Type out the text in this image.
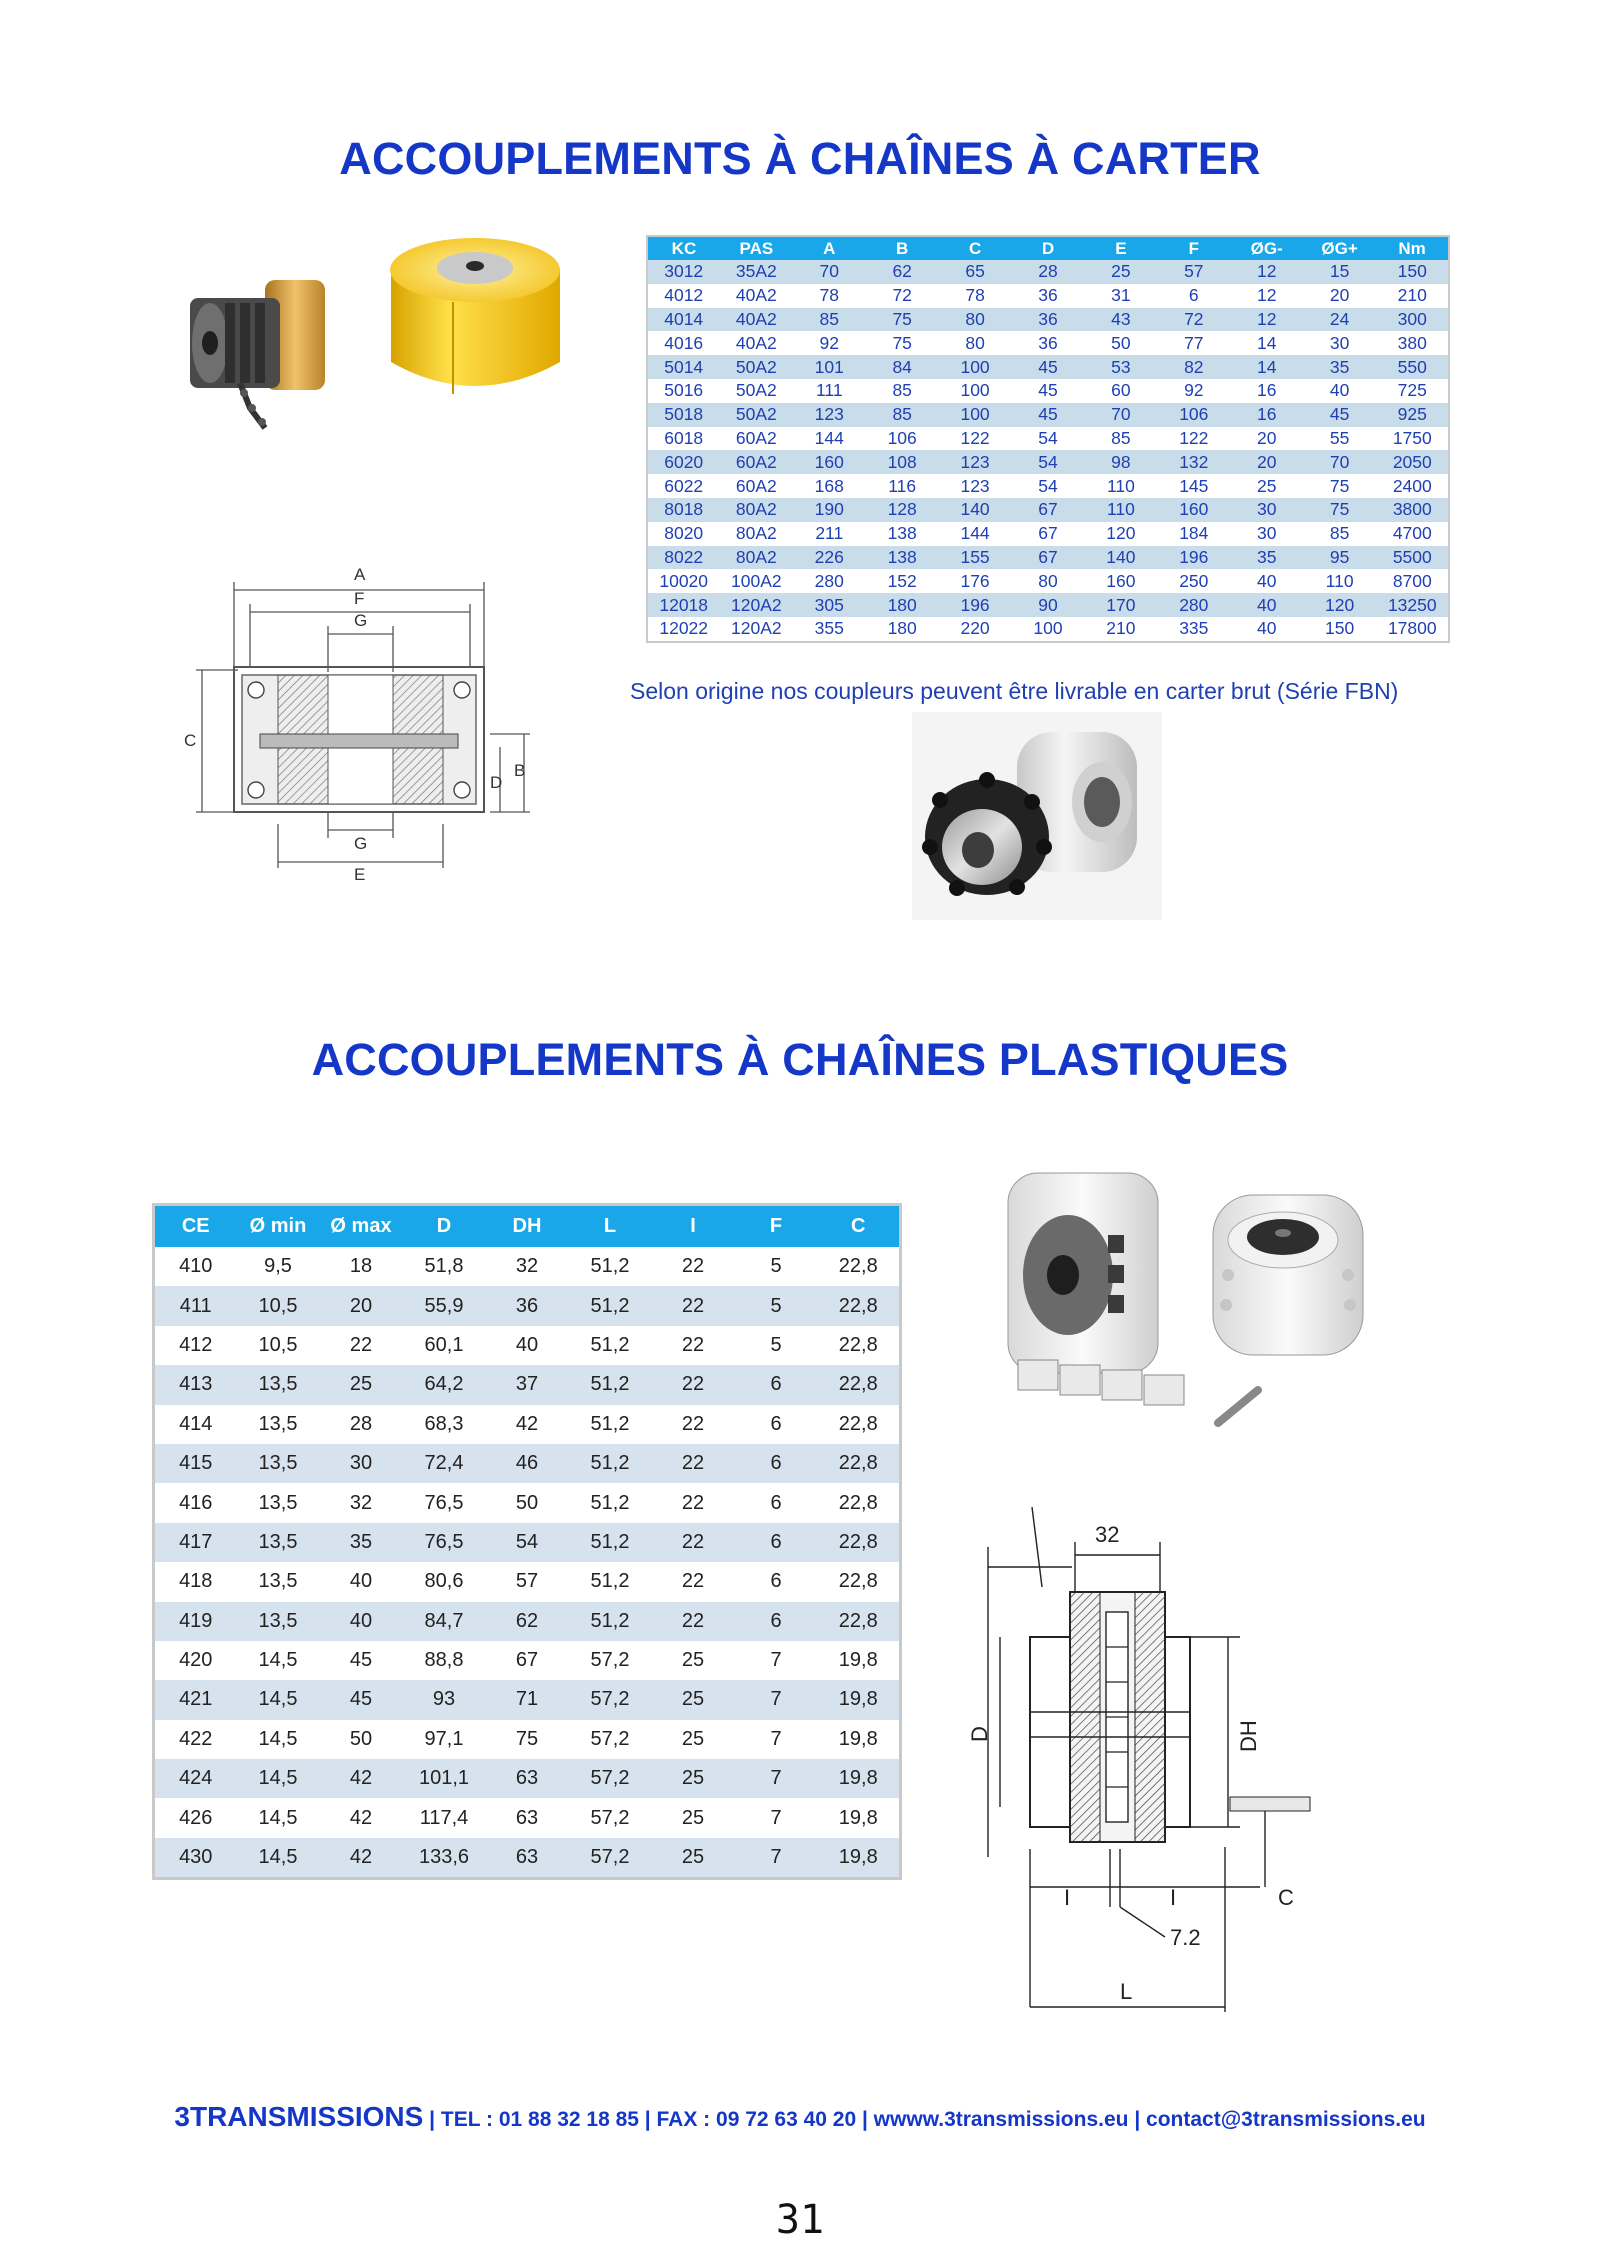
ACCOUPLEMENTS À CHAÎNES À CARTER
KC	PAS	A	B	C	D	E	F	ØG-	ØG+	Nm
3012	35A2	70	62	65	28	25	57	12	15	150
4012	40A2	78	72	78	36	31	6	12	20	210
4014	40A2	85	75	80	36	43	72	12	24	300
4016	40A2	92	75	80	36	50	77	14	30	380
5014	50A2	101	84	100	45	53	82	14	35	550
5016	50A2	111	85	100	45	60	92	16	40	725
5018	50A2	123	85	100	45	70	106	16	45	925
6018	60A2	144	106	122	54	85	122	20	55	1750
6020	60A2	160	108	123	54	98	132	20	70	2050
6022	60A2	168	116	123	54	110	145	25	75	2400
8018	80A2	190	128	140	67	110	160	30	75	3800
8020	80A2	211	138	144	67	120	184	30	85	4700
8022	80A2	226	138	155	67	140	196	35	95	5500
10020	100A2	280	152	176	80	160	250	40	110	8700
12018	120A2	305	180	196	90	170	280	40	120	13250
12022	120A2	355	180	220	100	210	335	40	150	17800
Selon origine nos coupleurs peuvent être livrable en carter brut (Série FBN)
A
F
G
C
B
D
G
E
ACCOUPLEMENTS À CHAÎNES PLASTIQUES
CE	Ø min	Ø max	D	DH	L	I	F	C
410	9,5	18	51,8	32	51,2	22	5	22,8
411	10,5	20	55,9	36	51,2	22	5	22,8
412	10,5	22	60,1	40	51,2	22	5	22,8
413	13,5	25	64,2	37	51,2	22	6	22,8
414	13,5	28	68,3	42	51,2	22	6	22,8
415	13,5	30	72,4	46	51,2	22	6	22,8
416	13,5	32	76,5	50	51,2	22	6	22,8
417	13,5	35	76,5	54	51,2	22	6	22,8
418	13,5	40	80,6	57	51,2	22	6	22,8
419	13,5	40	84,7	62	51,2	22	6	22,8
420	14,5	45	88,8	67	57,2	25	7	19,8
421	14,5	45	93	71	57,2	25	7	19,8
422	14,5	50	97,1	75	57,2	25	7	19,8
424	14,5	42	101,1	63	57,2	25	7	19,8
426	14,5	42	117,4	63	57,2	25	7	19,8
430	14,5	42	133,6	63	57,2	25	7	19,8
32
D	DH
I	I	C
7.2
L
3TRANSMISSIONS | TEL : 01 88 32 18 85 | FAX : 09 72 63 40 20 | wwww.3transmissions.eu | contact@3transmissions.eu
31
